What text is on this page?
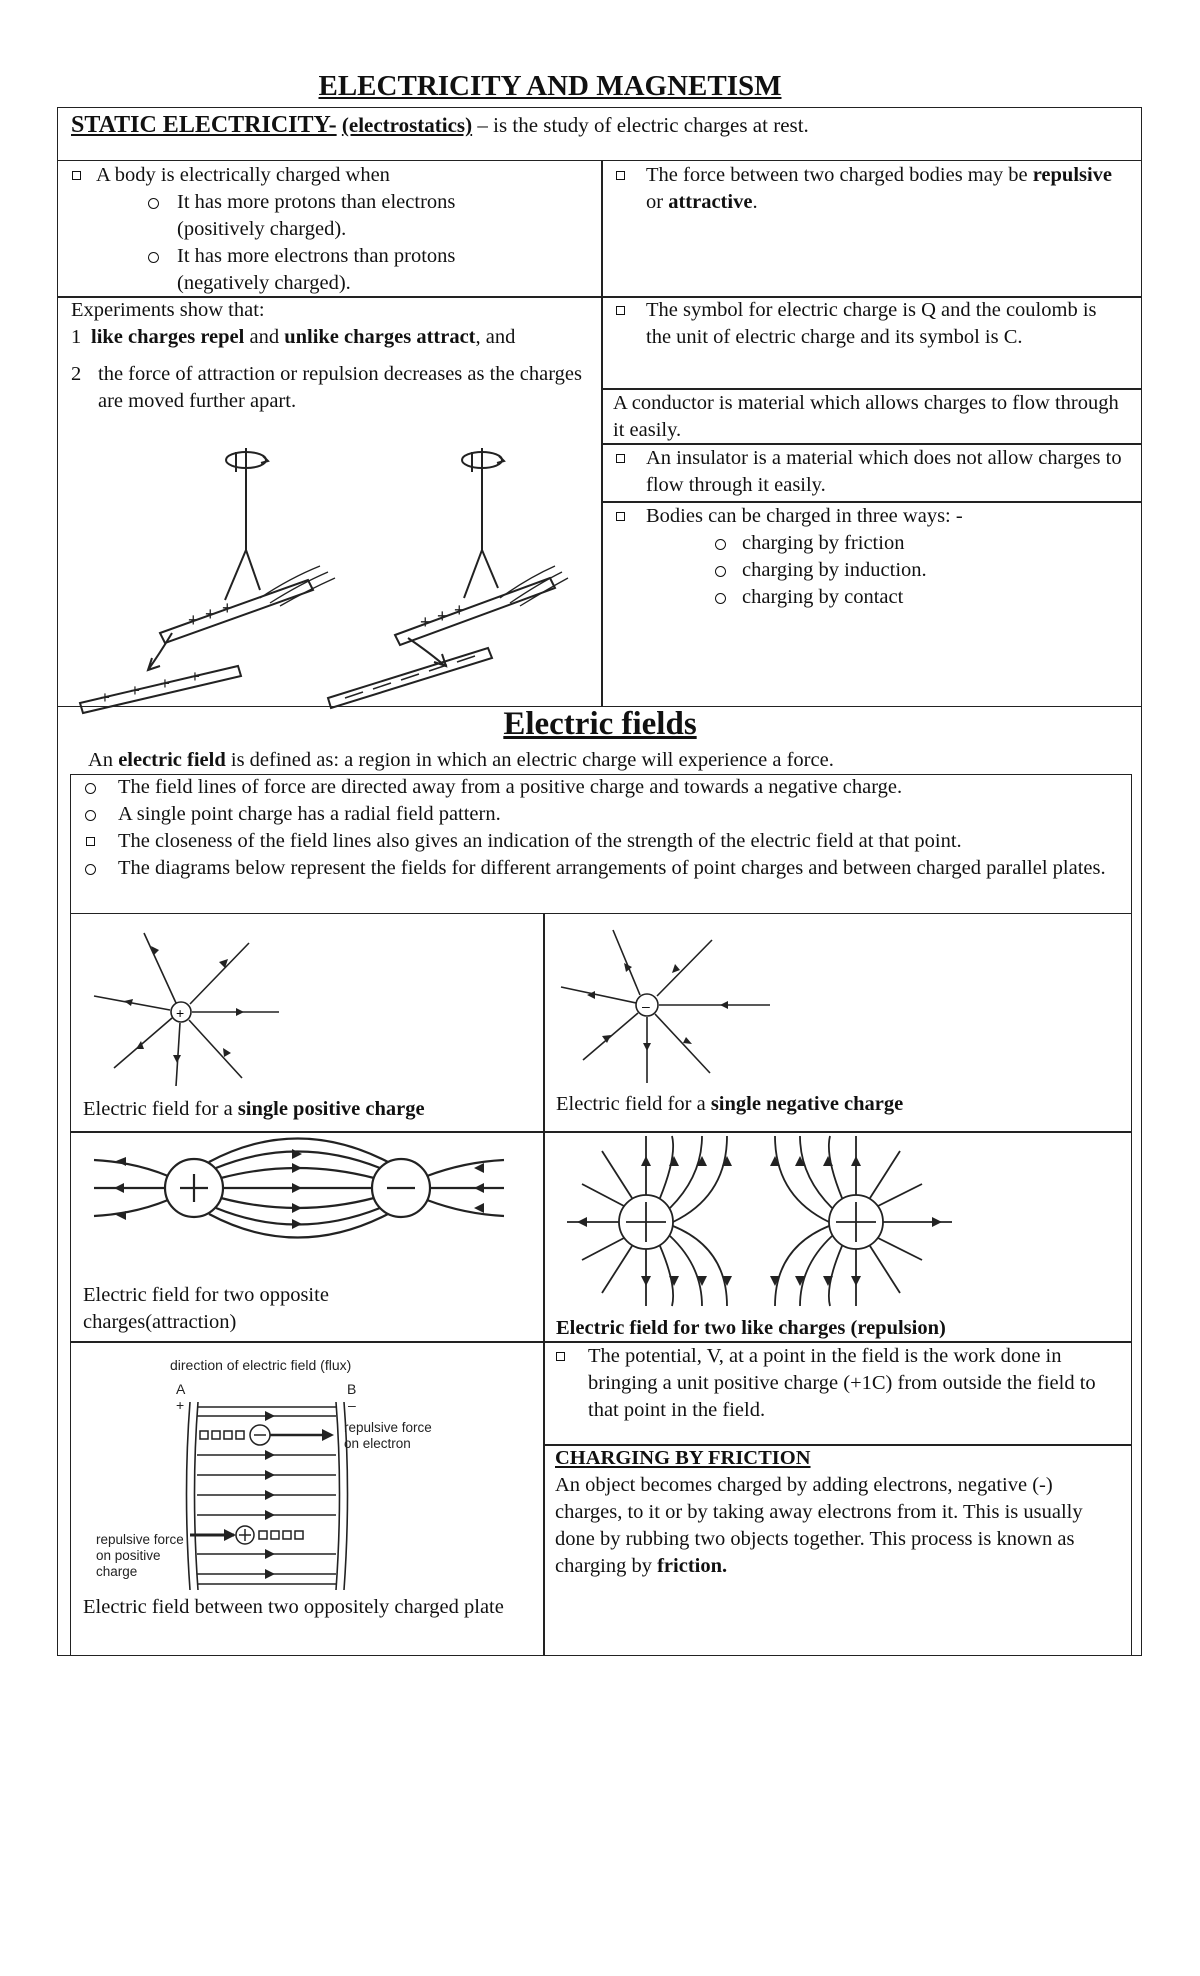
ELECTRICITY AND MAGNETISM
STATIC ELECTRICITY- (electrostatics) – is the study of electric charges at rest.
A body is electrically charged when
It has more protons than electrons (positively charged).
It has more electrons than protons (negatively charged).
The force between two charged bodies may be repulsive or attractive.
Experiments show that:
1 like charges repel and unlike charges attract, and
2 the force of attraction or repulsion decreases as the charges are moved further apart.
+ + +
+ + + +
+ + +
The symbol for electric charge is Q and the coulomb is the unit of electric charge and its symbol is C.
A conductor is material which allows charges to flow through it easily.
An insulator is a material which does not allow charges to flow through it easily.
Bodies can be charged in three ways: -
charging by friction
charging by induction.
charging by contact
Electric fields
An electric field is defined as: a region in which an electric charge will experience a force.
The field lines of force are directed away from a positive charge and towards a negative charge.
A single point charge has a radial field pattern.
The closeness of the field lines also gives an indication of the strength of the electric field at that point.
The diagrams below represent the fields for different arrangements of point charges and between charged parallel plates.
+
Electric field for a single positive charge
–
Electric field for a single negative charge
Electric field for two opposite charges(attraction)	Electric field for two like charges (repulsion)
direction of electric field (flux)
A
+
B
–
repulsive force
on electron
repulsive force
on positive
charge
Electric field between two oppositely charged plate
The potential, V, at a point in the field is the work done in bringing a unit positive charge (+1C) from outside the field to that point in the field.
CHARGING BY FRICTION
An object becomes charged by adding electrons, negative (-) charges, to it or by taking away electrons from it. This is usually done by rubbing two objects together. This process is known as charging by friction.
